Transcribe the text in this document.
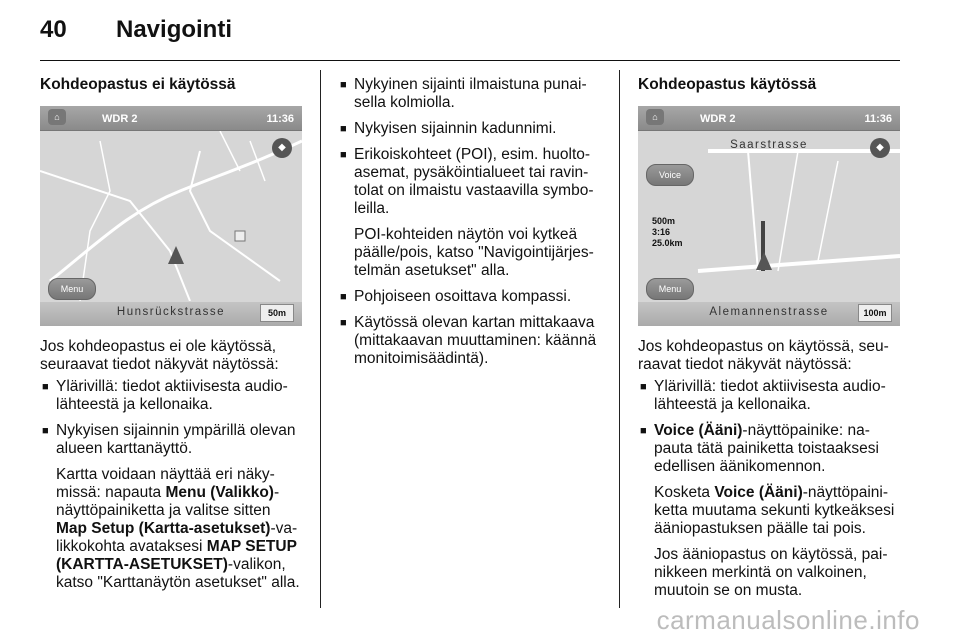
40 Navigointi

Kohdeopastus ei käytössä

⌂	WDR 2	11:36
◆
Menu
Hunsrückstrasse	50m

Jos kohdeopastus ei ole käytössä, seuraavat tiedot näkyvät näytössä:

■ Ylärivillä: tiedot aktiivisesta audio-lähteestä ja kellonaika.
■ Nykyisen sijainnin ympärillä olevan alueen karttanäyttö.

Kartta voidaan näyttää eri näky-missä: napauta Menu (Valikko)-näyttöpainiketta ja valitse sitten Map Setup (Kartta-asetukset)-va-likkokohta avataksesi MAP SETUP (KARTTA-ASETUKSET)-valikon, katso "Karttanäytön asetukset" alla.

■ Nykyinen sijainti ilmaistuna punai-sella kolmiolla.
■ Nykyisen sijainnin kadunnimi.
■ Erikoiskohteet (POI), esim. huolto-asemat, pysäköintialueet tai ravin-tolat on ilmaistu vastaavilla symbo-leilla.

POI-kohteiden näytön voi kytkeä päälle/pois, katso "Navigointijärjes-telmän asetukset" alla.

■ Pohjoiseen osoittava kompassi.
■ Käytössä olevan kartan mittakaava (mittakaavan muuttaminen: käännä monitoimisäädintä).

Kohdeopastus käytössä

⌂	WDR 2	11:36
Saarstrasse	◆
Voice
500m
3:16
25.0km
Menu
Alemannenstrasse	100m

Jos kohdeopastus on käytössä, seu-raavat tiedot näkyvät näytössä:

■ Ylärivillä: tiedot aktiivisesta audio-lähteestä ja kellonaika.
■ Voice (Ääni)-näyttöpainike: na-pauta tätä painiketta toistaaksesi edellisen äänikomennon.

Kosketa Voice (Ääni)-näyttöpaini-ketta muutama sekunti kytkeäksesi ääniopastuksen päälle tai pois.

Jos ääniopastus on käytössä, pai-nikkeen merkintä on valkoinen, muutoin se on musta.

carmanualsonline.info
